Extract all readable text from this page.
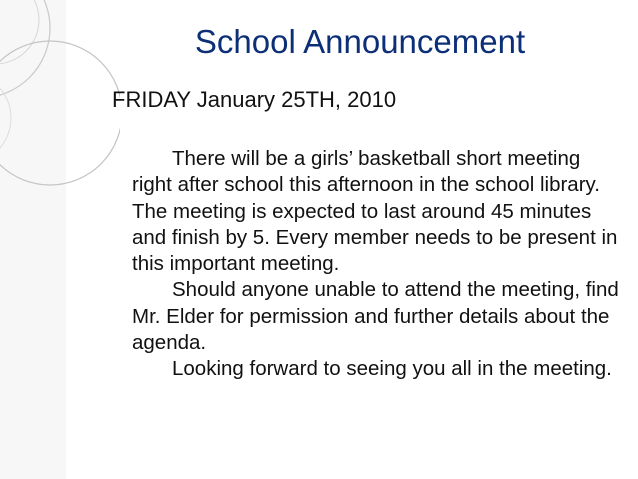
School Announcement
FRIDAY January 25TH, 2010

There will be a girls’ basketball short meeting right after school this afternoon in the school library. The meeting is expected to last around 45 minutes and finish by 5. Every member needs to be present in this important meeting.

Should anyone unable to attend the meeting, find Mr. Elder for permission and further details about the agenda.

Looking forward to seeing you all in the meeting.
